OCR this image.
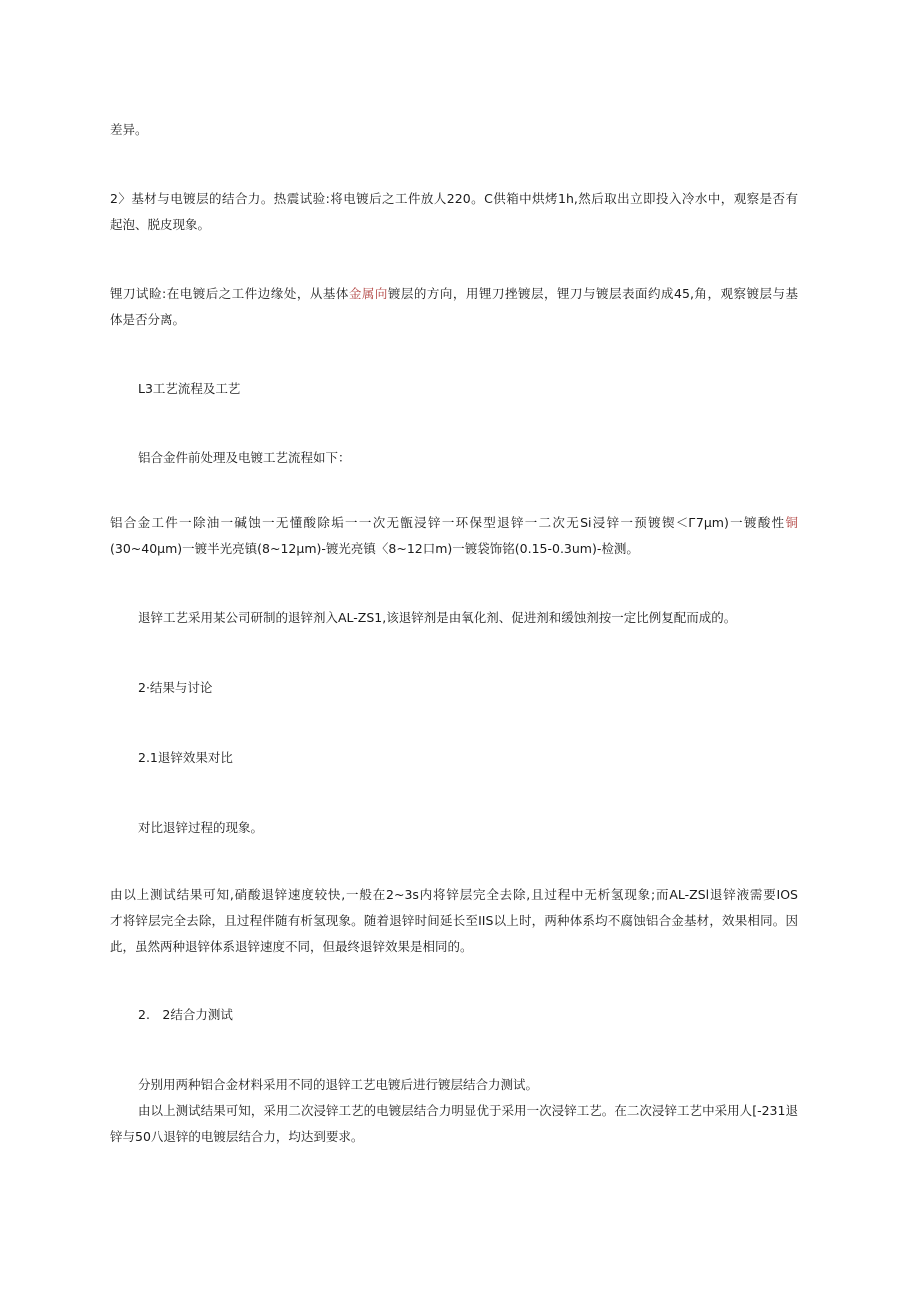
差异。

2〉基材与电镀层的结合力。热震试验:将电镀后之工件放人220。C供箱中烘烤1h,然后取出立即投入冷水中，观察是否有

起泡、脱皮现象。

锂刀试睑:在电镀后之工件边缘处，从基体金属向镀层的方向，用锂刀挫镀层，锂刀与镀层表面约成45,角，观察镀层与基

体是否分离。

L3工艺流程及工艺

铝合金件前处理及电镀工艺流程如下：

铝合金工件一除油一碱蚀一无懂酸除垢一一次无甑浸锌一环保型退锌一二次无Si浸锌一预镀锲＜Г7μm)一镀酸性铜

(30~40μm)一镀半光亮镇(8~12μm)-镀光亮镇〈8~12口m)一镀袋饰铭(0.15-0.3um)-检测。

退锌工艺采用某公司研制的退锌剂入AL-ZS1,该退锌剂是由氧化剂、促进剂和缓蚀剂按一定比例复配而成的。

2·结果与讨论

2.1退锌效果对比

对比退锌过程的现象。

由以上测试结果可知,硝酸退锌速度较快,一般在2~3s内将锌层完全去除,且过程中无析氢现象;而AL-ZSl退锌液需要IOS

才将锌层完全去除，且过程伴随有析氢现象。随着退锌时间延长至IIS以上时，两种体系均不腐蚀铝合金基材，效果相同。因

此，虽然两种退锌体系退锌速度不同，但最终退锌效果是相同的。

2.　2结合力测试

分别用两种铝合金材料采用不同的退锌工艺电镀后进行镀层结合力测试。

由以上测试结果可知，采用二次浸锌工艺的电镀层结合力明显优于采用一次浸锌工艺。在二次浸锌工艺中采用人[-231退

锌与50八退锌的电镀层结合力，均达到要求。
